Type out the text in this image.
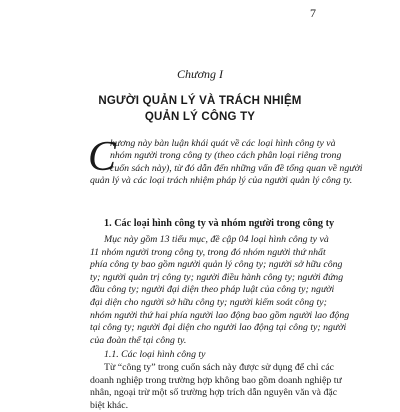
7
Chương I
NGƯỜI QUẢN LÝ VÀ TRÁCH NHIỆM
QUẢN LÝ CÔNG TY
C
hương này bàn luận khái quát về các loại hình công ty và
nhóm người trong công ty (theo cách phân loại riêng trong
cuốn sách này), từ đó dẫn đến những vấn đề tổng quan về người
quản lý và các loại trách nhiệm pháp lý của người quản lý công ty.
1. Các loại hình công ty và nhóm người trong công ty
Mục này gồm 13 tiểu mục, đề cập 04 loại hình công ty và
11 nhóm người trong công ty, trong đó nhóm người thứ nhất
phía công ty bao gồm người quản lý công ty; người sở hữu công
ty; người quản trị công ty; người điều hành công ty; người đứng
đầu công ty; người đại diện theo pháp luật của công ty; người
đại diện cho người sở hữu công ty; người kiểm soát công ty;
nhóm người thứ hai phía người lao động bao gồm người lao động
tại công ty; người đại diện cho người lao động tại công ty; người
của đoàn thể tại công ty.
1.1. Các loại hình công ty
Từ “công ty” trong cuốn sách này được sử dụng để chỉ các
doanh nghiệp trong trường hợp không bao gồm doanh nghiệp tư
nhân, ngoại trừ một số trường hợp trích dẫn nguyên văn và đặc
biệt khác.
